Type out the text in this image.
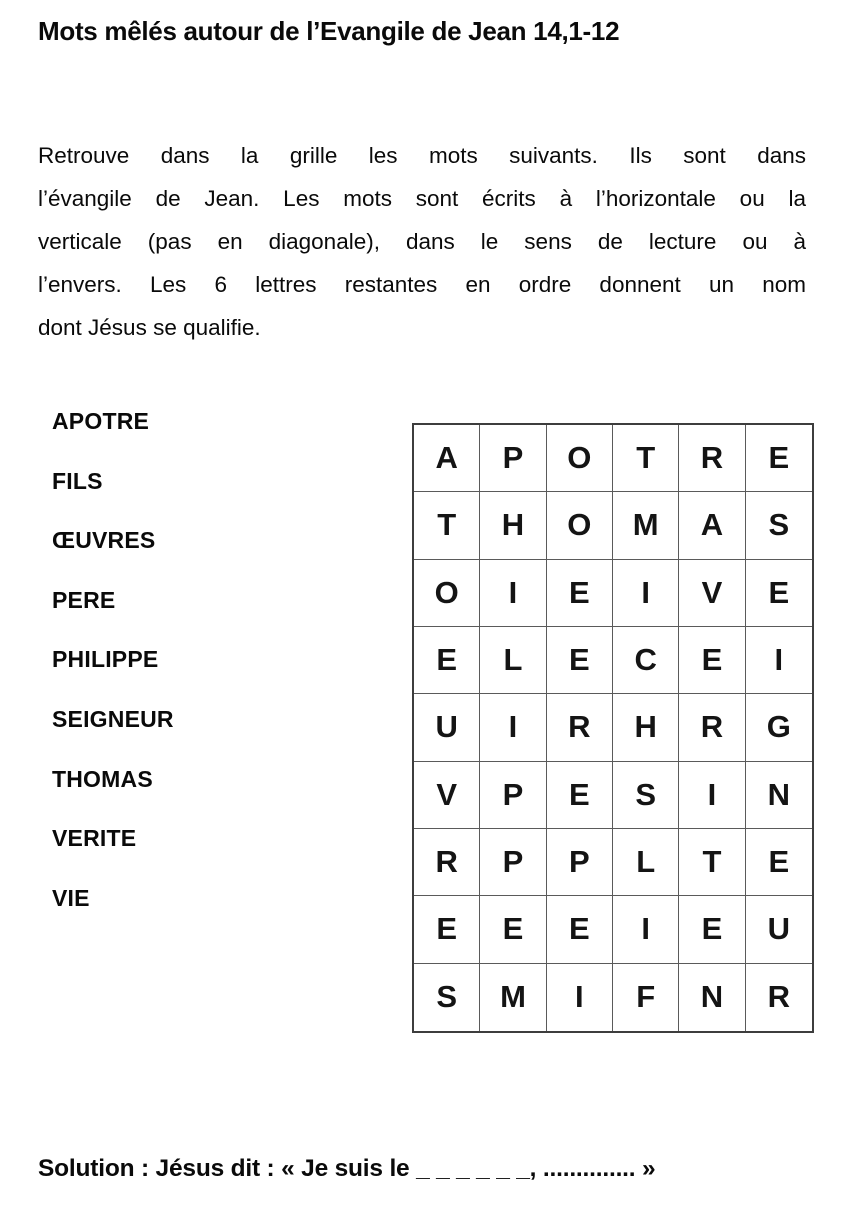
Mots mêlés autour de l’Evangile de Jean 14,1-12
Retrouve dans la grille les mots suivants. Ils sont dans
l’évangile de Jean. Les mots sont écrits à l’horizontale ou la
verticale (pas en diagonale), dans le sens de lecture ou à
l’envers. Les 6 lettres restantes en ordre donnent un nom
dont Jésus se qualifie.
APOTRE
FILS
ŒUVRES
PERE
PHILIPPE
SEIGNEUR
THOMAS
VERITE
VIE
A	P	O	T	R	E
T	H	O	M	A	S
O	I	E	I	V	E
E	L	E	C	E	I
U	I	R	H	R	G
V	P	E	S	I	N
R	P	P	L	T	E
E	E	E	I	E	U
S	M	I	F	N	R

Solution : Jésus dit : « Je suis le _ _ _ _ _ _, .............. »
